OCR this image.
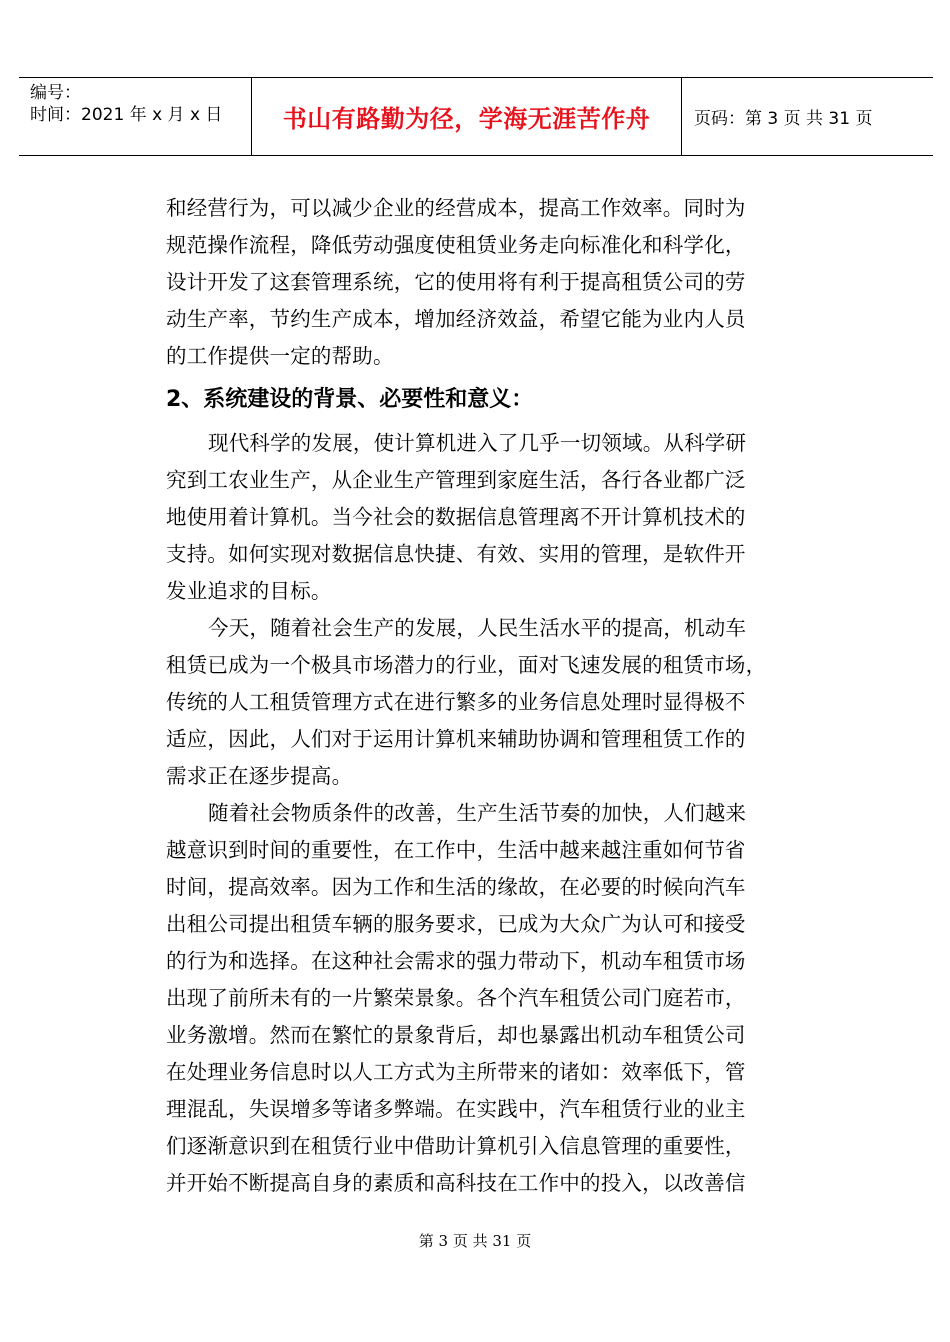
编号：
时间：2021 年 x 月 x 日	书山有路勤为径，学海无涯苦作舟	页码：第 3 页 共 31 页
和经营行为，可以减少企业的经营成本，提高工作效率。同时为
规范操作流程，降低劳动强度使租赁业务走向标准化和科学化，
设计开发了这套管理系统，它的使用将有利于提高租赁公司的劳
动生产率，节约生产成本，增加经济效益，希望它能为业内人员
的工作提供一定的帮助。
2、系统建设的背景、必要性和意义：
现代科学的发展，使计算机进入了几乎一切领域。从科学研
究到工农业生产，从企业生产管理到家庭生活，各行各业都广泛
地使用着计算机。当今社会的数据信息管理离不开计算机技术的
支持。如何实现对数据信息快捷、有效、实用的管理，是软件开
发业追求的目标。
今天，随着社会生产的发展，人民生活水平的提高，机动车
租赁已成为一个极具市场潜力的行业，面对飞速发展的租赁市场，
传统的人工租赁管理方式在进行繁多的业务信息处理时显得极不
适应，因此，人们对于运用计算机来辅助协调和管理租赁工作的
需求正在逐步提高。
随着社会物质条件的改善，生产生活节奏的加快，人们越来
越意识到时间的重要性，在工作中，生活中越来越注重如何节省
时间，提高效率。因为工作和生活的缘故，在必要的时候向汽车
出租公司提出租赁车辆的服务要求，已成为大众广为认可和接受
的行为和选择。在这种社会需求的强力带动下，机动车租赁市场
出现了前所未有的一片繁荣景象。各个汽车租赁公司门庭若市，
业务激增。然而在繁忙的景象背后，却也暴露出机动车租赁公司
在处理业务信息时以人工方式为主所带来的诸如：效率低下，管
理混乱，失误增多等诸多弊端。在实践中，汽车租赁行业的业主
们逐渐意识到在租赁行业中借助计算机引入信息管理的重要性，
并开始不断提高自身的素质和高科技在工作中的投入，以改善信
第 3 页 共 31 页
